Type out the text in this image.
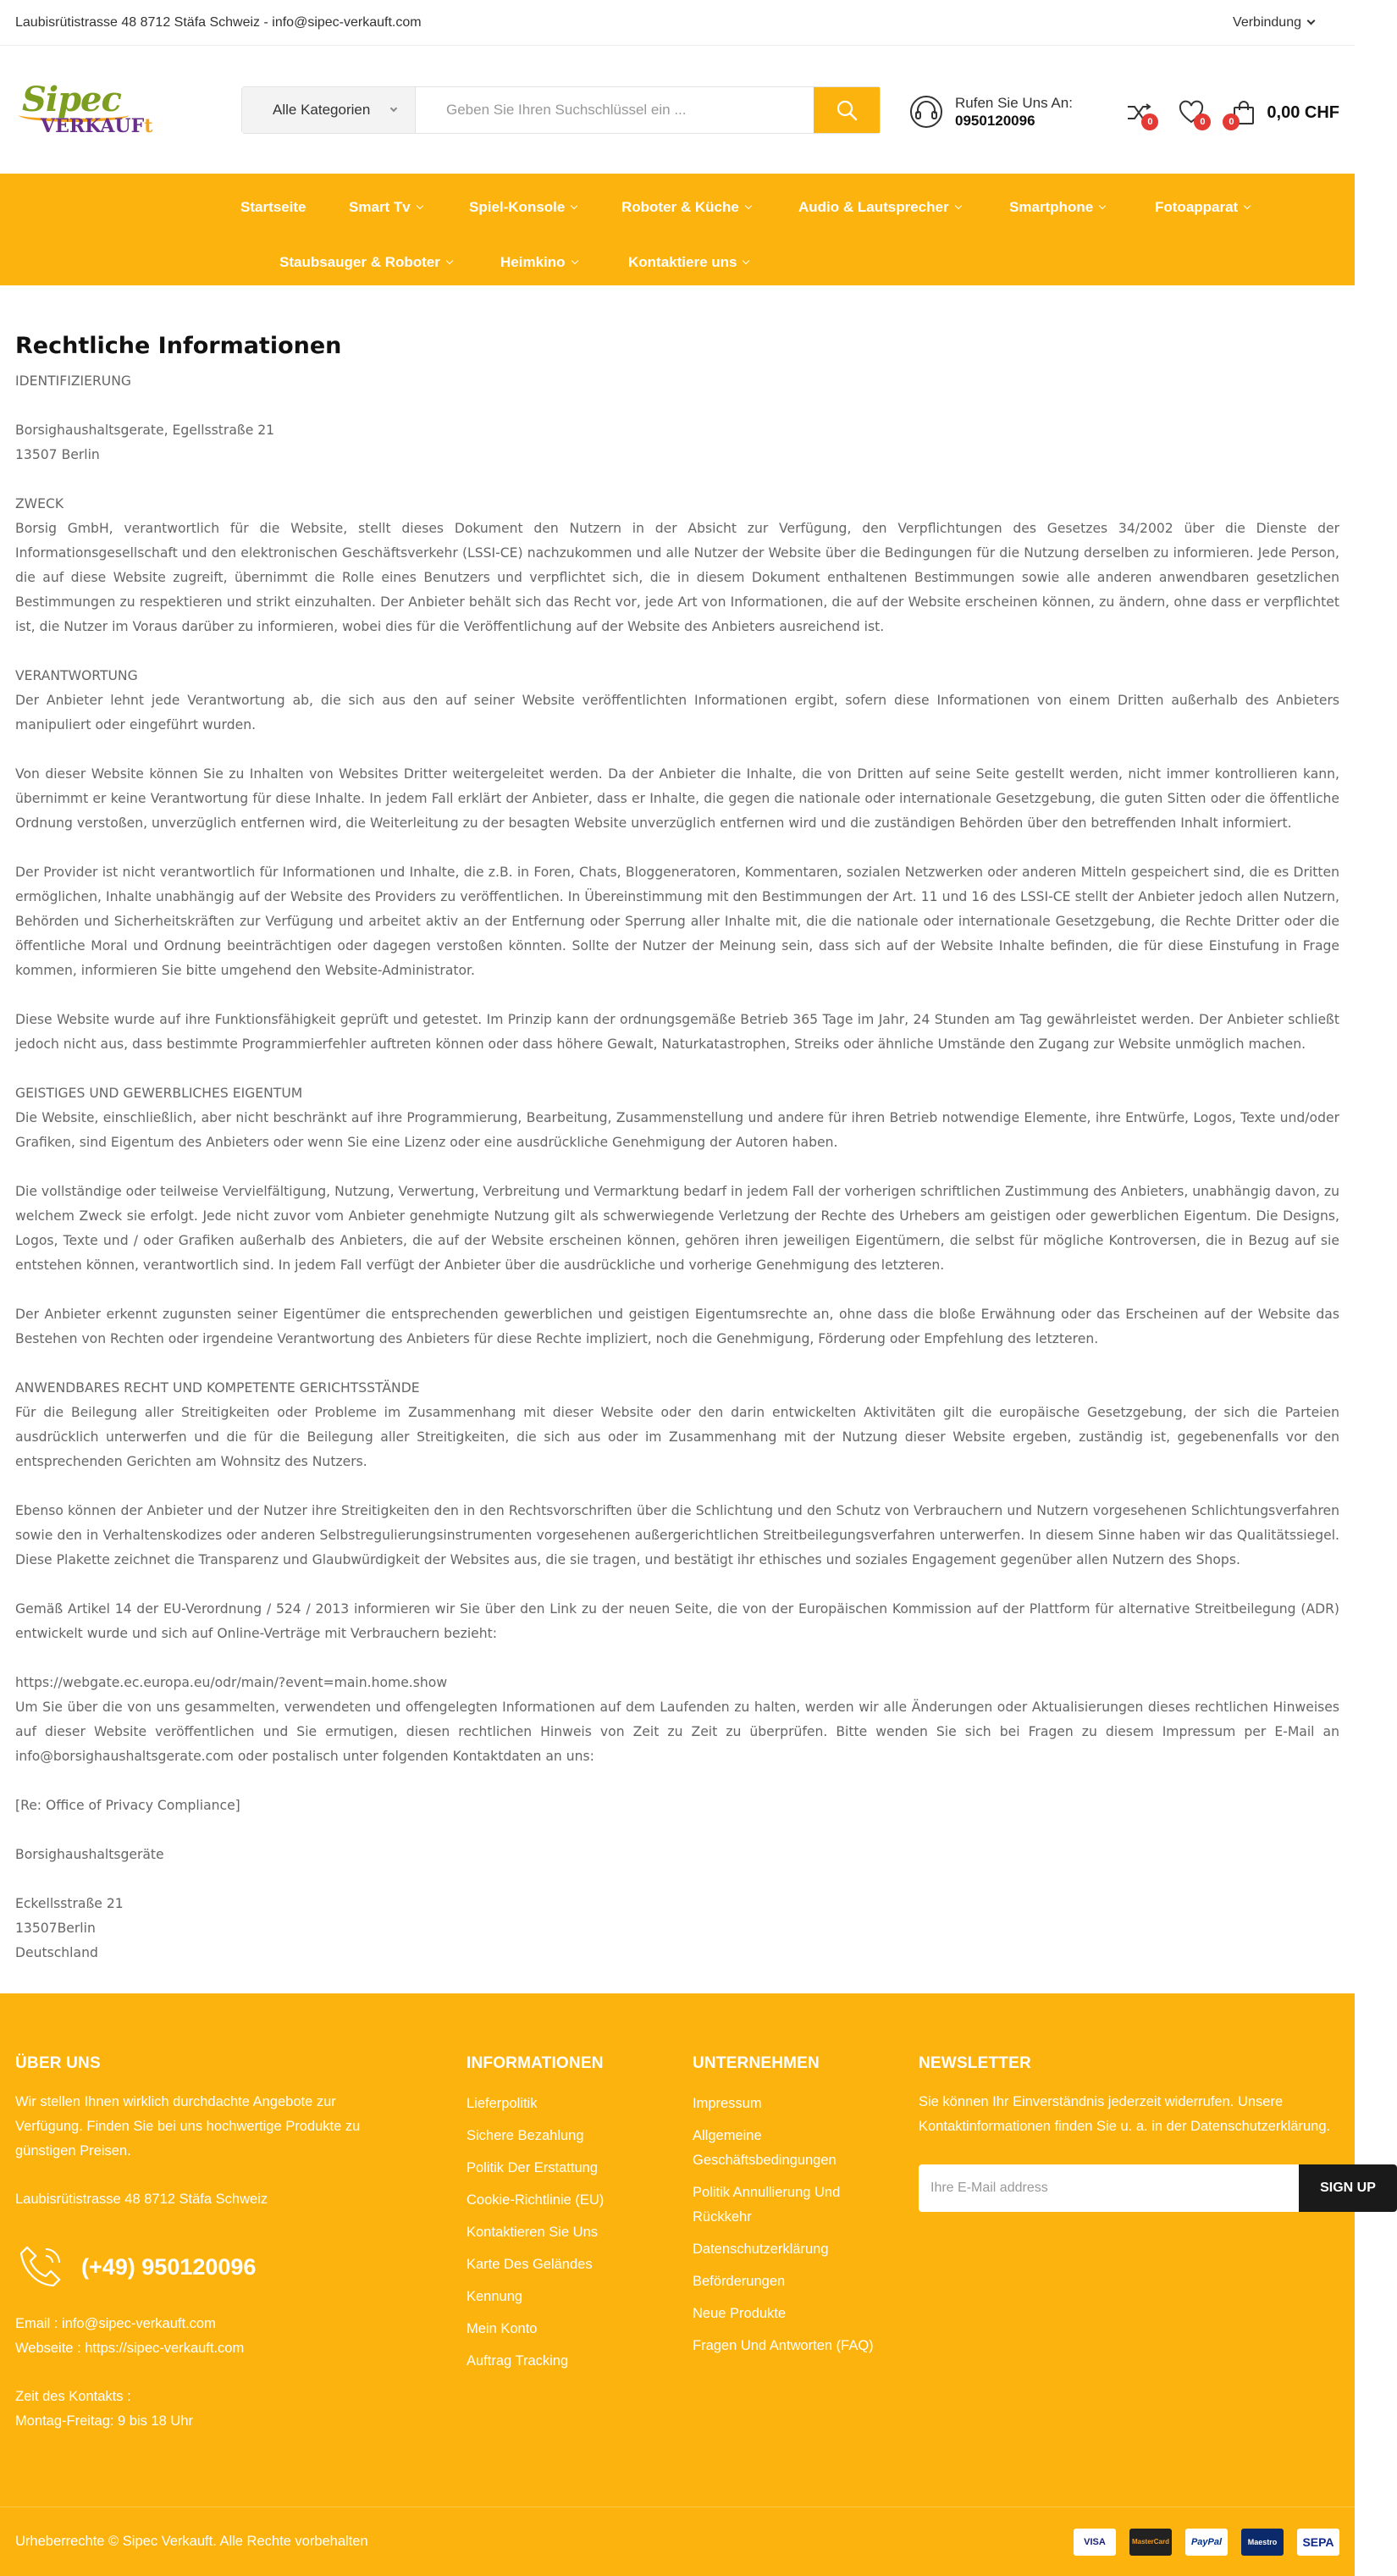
Laubisrütistrasse 48 8712 Stäfa Schweiz - info@sipec-verkauft.com	Verbindung
Sipec
VERKAUFt
Alle Kategorien
Geben Sie Ihren Suchschlüssel ein ...	Rufen Sie Uns An:
0950120096	0	0	0
0,00 CHF
Startseite	Smart Tv	Spiel-Konsole	Roboter & Küche	Audio & Lautsprecher	Smartphone	Fotoapparat
Staubsauger & Roboter	Heimkino	Kontaktiere uns
Rechtliche Informationen

IDENTIFIZIERUNG

Borsighaushaltsgerate, Egellsstraße 21

13507 Berlin

ZWECK

Borsig GmbH, verantwortlich für die Website, stellt dieses Dokument den Nutzern in der Absicht zur Verfügung, den Verpflichtungen des Gesetzes 34/2002 über die Dienste der Informationsgesellschaft und den elektronischen Geschäftsverkehr (LSSI-CE) nachzukommen und alle Nutzer der Website über die Bedingungen für die Nutzung derselben zu informieren. Jede Person, die auf diese Website zugreift, übernimmt die Rolle eines Benutzers und verpflichtet sich, die in diesem Dokument enthaltenen Bestimmungen sowie alle anderen anwendbaren gesetzlichen Bestimmungen zu respektieren und strikt einzuhalten. Der Anbieter behält sich das Recht vor, jede Art von Informationen, die auf der Website erscheinen können, zu ändern, ohne dass er verpflichtet ist, die Nutzer im Voraus darüber zu informieren, wobei dies für die Veröffentlichung auf der Website des Anbieters ausreichend ist.

VERANTWORTUNG

Der Anbieter lehnt jede Verantwortung ab, die sich aus den auf seiner Website veröffentlichten Informationen ergibt, sofern diese Informationen von einem Dritten außerhalb des Anbieters manipuliert oder eingeführt wurden.

Von dieser Website können Sie zu Inhalten von Websites Dritter weitergeleitet werden. Da der Anbieter die Inhalte, die von Dritten auf seine Seite gestellt werden, nicht immer kontrollieren kann, übernimmt er keine Verantwortung für diese Inhalte. In jedem Fall erklärt der Anbieter, dass er Inhalte, die gegen die nationale oder internationale Gesetzgebung, die guten Sitten oder die öffentliche Ordnung verstoßen, unverzüglich entfernen wird, die Weiterleitung zu der besagten Website unverzüglich entfernen wird und die zuständigen Behörden über den betreffenden Inhalt informiert.

Der Provider ist nicht verantwortlich für Informationen und Inhalte, die z.B. in Foren, Chats, Bloggeneratoren, Kommentaren, sozialen Netzwerken oder anderen Mitteln gespeichert sind, die es Dritten ermöglichen, Inhalte unabhängig auf der Website des Providers zu veröffentlichen. In Übereinstimmung mit den Bestimmungen der Art. 11 und 16 des LSSI-CE stellt der Anbieter jedoch allen Nutzern, Behörden und Sicherheitskräften zur Verfügung und arbeitet aktiv an der Entfernung oder Sperrung aller Inhalte mit, die die nationale oder internationale Gesetzgebung, die Rechte Dritter oder die öffentliche Moral und Ordnung beeinträchtigen oder dagegen verstoßen könnten. Sollte der Nutzer der Meinung sein, dass sich auf der Website Inhalte befinden, die für diese Einstufung in Frage kommen, informieren Sie bitte umgehend den Website-Administrator.

Diese Website wurde auf ihre Funktionsfähigkeit geprüft und getestet. Im Prinzip kann der ordnungsgemäße Betrieb 365 Tage im Jahr, 24 Stunden am Tag gewährleistet werden. Der Anbieter schließt jedoch nicht aus, dass bestimmte Programmierfehler auftreten können oder dass höhere Gewalt, Naturkatastrophen, Streiks oder ähnliche Umstände den Zugang zur Website unmöglich machen.

GEISTIGES UND GEWERBLICHES EIGENTUM

Die Website, einschließlich, aber nicht beschränkt auf ihre Programmierung, Bearbeitung, Zusammenstellung und andere für ihren Betrieb notwendige Elemente, ihre Entwürfe, Logos, Texte und/oder Grafiken, sind Eigentum des Anbieters oder wenn Sie eine Lizenz oder eine ausdrückliche Genehmigung der Autoren haben.

Die vollständige oder teilweise Vervielfältigung, Nutzung, Verwertung, Verbreitung und Vermarktung bedarf in jedem Fall der vorherigen schriftlichen Zustimmung des Anbieters, unabhängig davon, zu welchem Zweck sie erfolgt. Jede nicht zuvor vom Anbieter genehmigte Nutzung gilt als schwerwiegende Verletzung der Rechte des Urhebers am geistigen oder gewerblichen Eigentum. Die Designs, Logos, Texte und / oder Grafiken außerhalb des Anbieters, die auf der Website erscheinen können, gehören ihren jeweiligen Eigentümern, die selbst für mögliche Kontroversen, die in Bezug auf sie entstehen können, verantwortlich sind. In jedem Fall verfügt der Anbieter über die ausdrückliche und vorherige Genehmigung des letzteren.

Der Anbieter erkennt zugunsten seiner Eigentümer die entsprechenden gewerblichen und geistigen Eigentumsrechte an, ohne dass die bloße Erwähnung oder das Erscheinen auf der Website das Bestehen von Rechten oder irgendeine Verantwortung des Anbieters für diese Rechte impliziert, noch die Genehmigung, Förderung oder Empfehlung des letzteren.

ANWENDBARES RECHT UND KOMPETENTE GERICHTSSTÄNDE

Für die Beilegung aller Streitigkeiten oder Probleme im Zusammenhang mit dieser Website oder den darin entwickelten Aktivitäten gilt die europäische Gesetzgebung, der sich die Parteien ausdrücklich unterwerfen und die für die Beilegung aller Streitigkeiten, die sich aus oder im Zusammenhang mit der Nutzung dieser Website ergeben, zuständig ist, gegebenenfalls vor den entsprechenden Gerichten am Wohnsitz des Nutzers.

Ebenso können der Anbieter und der Nutzer ihre Streitigkeiten den in den Rechtsvorschriften über die Schlichtung und den Schutz von Verbrauchern und Nutzern vorgesehenen Schlichtungsverfahren sowie den in Verhaltenskodizes oder anderen Selbstregulierungsinstrumenten vorgesehenen außergerichtlichen Streitbeilegungsverfahren unterwerfen. In diesem Sinne haben wir das Qualitätssiegel. Diese Plakette zeichnet die Transparenz und Glaubwürdigkeit der Websites aus, die sie tragen, und bestätigt ihr ethisches und soziales Engagement gegenüber allen Nutzern des Shops.

Gemäß Artikel 14 der EU-Verordnung / 524 / 2013 informieren wir Sie über den Link zu der neuen Seite, die von der Europäischen Kommission auf der Plattform für alternative Streitbeilegung (ADR) entwickelt wurde und sich auf Online-Verträge mit Verbrauchern bezieht:

https://webgate.ec.europa.eu/odr/main/?event=main.home.show

Um Sie über die von uns gesammelten, verwendeten und offengelegten Informationen auf dem Laufenden zu halten, werden wir alle Änderungen oder Aktualisierungen dieses rechtlichen Hinweises auf dieser Website veröffentlichen und Sie ermutigen, diesen rechtlichen Hinweis von Zeit zu Zeit zu überprüfen. Bitte wenden Sie sich bei Fragen zu diesem Impressum per E-Mail an info@borsighaushaltsgerate.com oder postalisch unter folgenden Kontaktdaten an uns:

[Re: Office of Privacy Compliance]

Borsighaushaltsgeräte

Eckellsstraße 21

13507Berlin

Deutschland

ÜBER UNS
Wir stellen Ihnen wirklich durchdachte Angebote zur Verfügung. Finden Sie bei uns hochwertige Produkte zu günstigen Preisen.
Laubisrütistrasse 48 8712 Stäfa Schweiz
(+49) 950120096
Email : info@sipec-verkauft.com
Webseite : https://sipec-verkauft.com
Zeit des Kontakts :
Montag-Freitag: 9 bis 18 Uhr
INFORMATIONEN
Lieferpolitik
Sichere Bezahlung
Politik Der Erstattung
Cookie-Richtlinie (EU)
Kontaktieren Sie Uns
Karte Des Geländes
Kennung
Mein Konto
Auftrag Tracking
UNTERNEHMEN
Impressum
Allgemeine Geschäftsbedingungen
Politik Annullierung Und Rückkehr
Datenschutzerklärung
Beförderungen
Neue Produkte
Fragen Und Antworten (FAQ)
NEWSLETTER
Sie können Ihr Einverständnis jederzeit widerrufen. Unsere Kontaktinformationen finden Sie u. a. in der Datenschutzerklärung.
Ihre E-Mail address
SIGN UP
Urheberrechte © Sipec Verkauft. Alle Rechte vorbehalten	VISA	MasterCard	PayPal	Maestro	SEPA
